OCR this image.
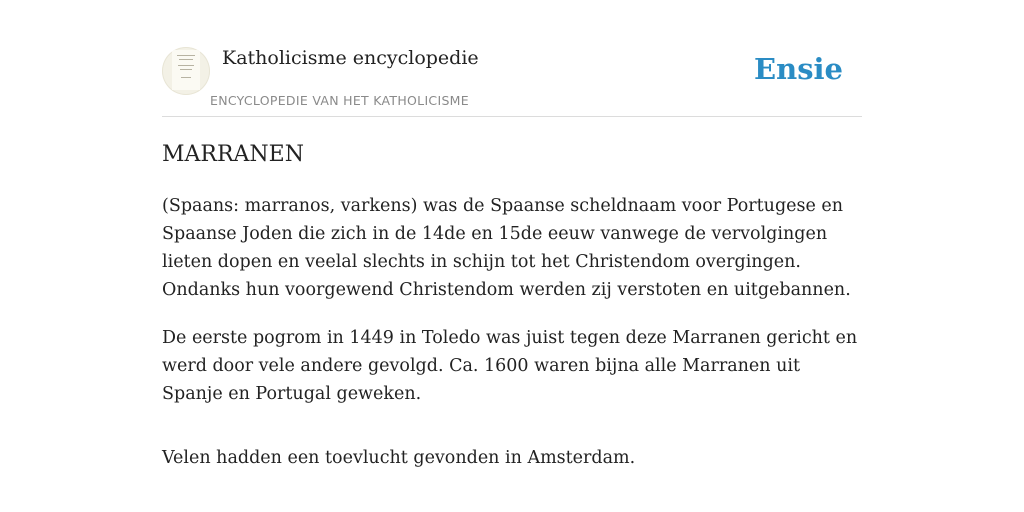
Katholicisme encyclopedie
ENCYCLOPEDIE VAN HET KATHOLICISME
Ensie
MARRANEN

(Spaans: marranos, varkens) was de Spaanse scheldnaam voor Portugese en Spaanse Joden die zich in de 14de en 15de eeuw vanwege de vervolgingen lieten dopen en veelal slechts in schijn tot het Christendom overgingen. Ondanks hun voorgewend Christendom werden zij verstoten en uitgebannen.

De eerste pogrom in 1449 in Toledo was juist tegen deze Marranen gericht en werd door vele andere gevolgd. Ca. 1600 waren bijna alle Marranen uit Spanje en Portugal geweken.

Velen hadden een toevlucht gevonden in Amsterdam.
